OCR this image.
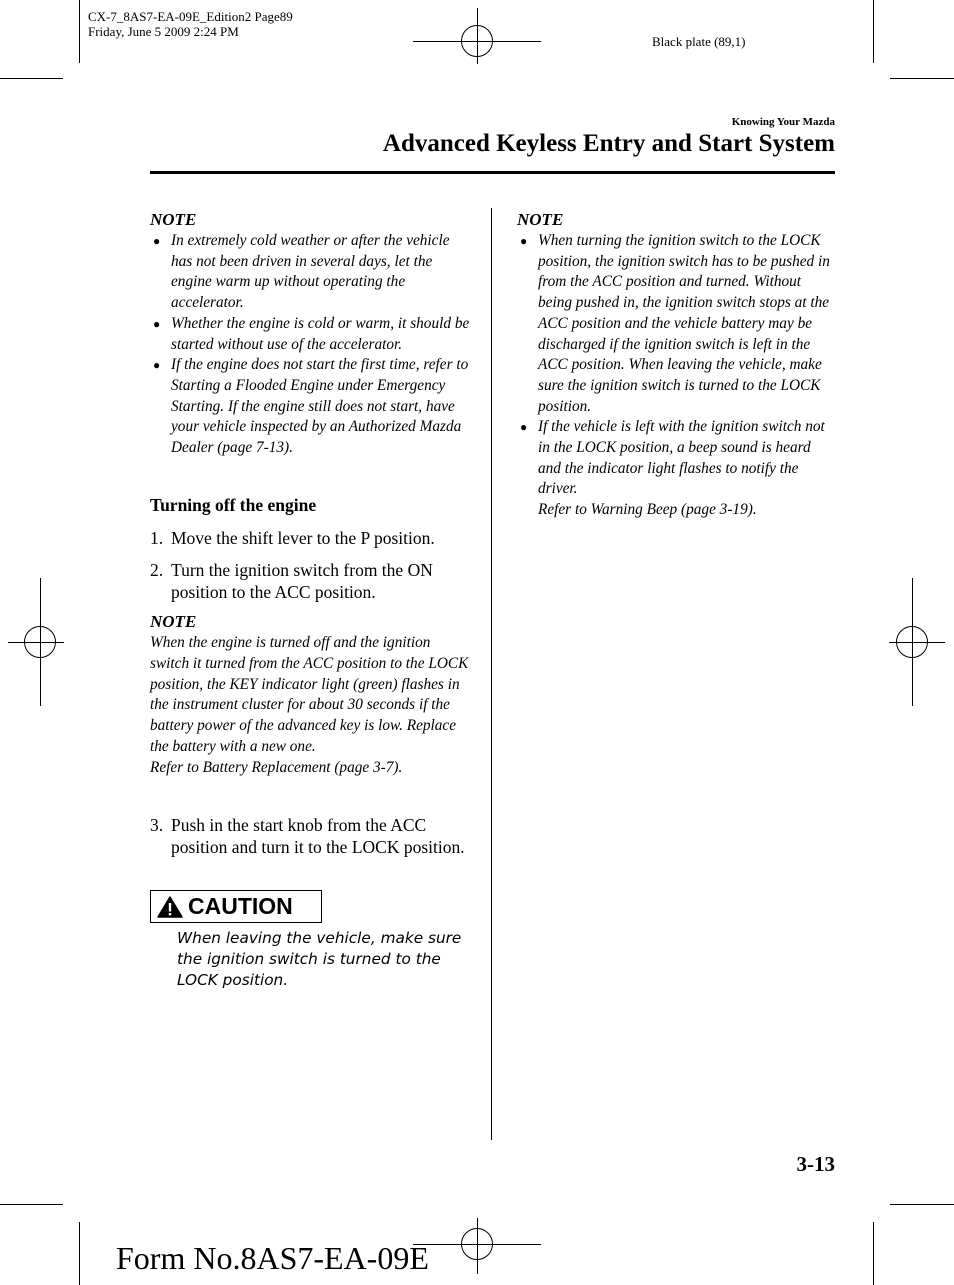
CX-7_8AS7-EA-09E_Edition2 Page89
Friday, June 5 2009 2:24 PM
Black plate (89,1)
Knowing Your Mazda
Advanced Keyless Entry and Start System
NOTE
● In extremely cold weather or after the vehicle has not been driven in several days, let the engine warm up without operating the accelerator.
● Whether the engine is cold or warm, it should be started without use of the accelerator.
● If the engine does not start the first time, refer to Starting a Flooded Engine under Emergency Starting. If the engine still does not start, have your vehicle inspected by an Authorized Mazda Dealer (page 7-13).
Turning off the engine
1. Move the shift lever to the P position.
2. Turn the ignition switch from the ON position to the ACC position.
NOTE
When the engine is turned off and the ignition switch it turned from the ACC position to the LOCK position, the KEY indicator light (green) flashes in the instrument cluster for about 30 seconds if the battery power of the advanced key is low. Replace the battery with a new one.
Refer to Battery Replacement (page 3-7).
3. Push in the start knob from the ACC position and turn it to the LOCK position.
CAUTION
When leaving the vehicle, make sure the ignition switch is turned to the LOCK position.
NOTE
● When turning the ignition switch to the LOCK position, the ignition switch has to be pushed in from the ACC position and turned. Without being pushed in, the ignition switch stops at the ACC position and the vehicle battery may be discharged if the ignition switch is left in the ACC position. When leaving the vehicle, make sure the ignition switch is turned to the LOCK position.
● If the vehicle is left with the ignition switch not in the LOCK position, a beep sound is heard and the indicator light flashes to notify the driver.
Refer to Warning Beep (page 3-19).
3-13
Form No.8AS7-EA-09E
